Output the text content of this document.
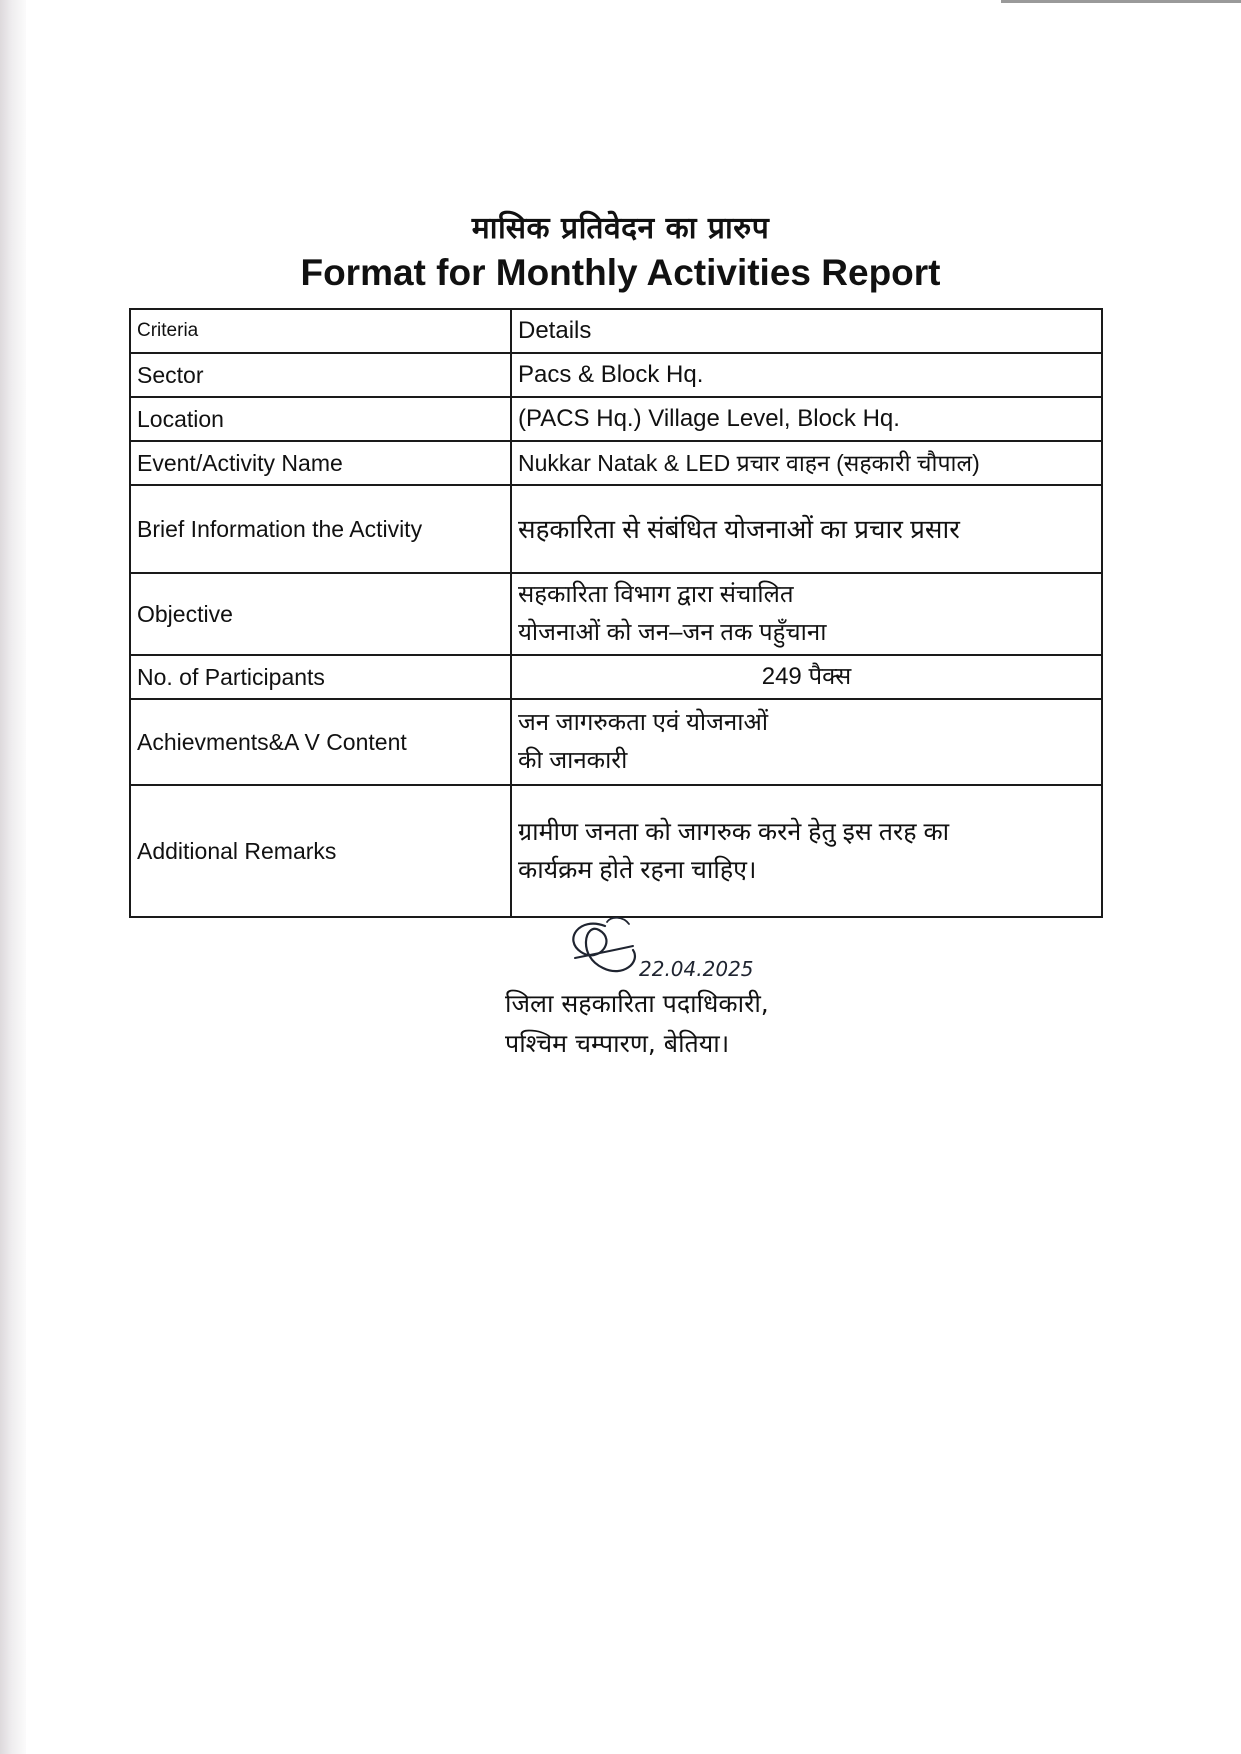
मासिक प्रतिवेदन का प्रारुप
Format for Monthly Activities Report
Criteria	Details
Sector	Pacs & Block Hq.

Location	(PACS Hq.) Village Level, Block Hq.

Event/Activity Name	Nukkar Natak & LED प्रचार वाहन (सहकारी चौपाल)

Brief Information the Activity	सहकारिता से संबंधित योजनाओं का प्रचार प्रसार

Objective	सहकारिता विभाग द्वारा संचालित
योजनाओं को जन–जन तक पहुँचाना

No. of Participants	249 पैक्स

Achievments&A V Content	जन जागरुकता एवं योजनाओं
की जानकारी

Additional Remarks	ग्रामीण जनता को जागरुक करने हेतु इस तरह का
कार्यक्रम होते रहना चाहिए।
22.04.2025
जिला सहकारिता पदाधिकारी,
पश्चिम चम्पारण, बेतिया।
